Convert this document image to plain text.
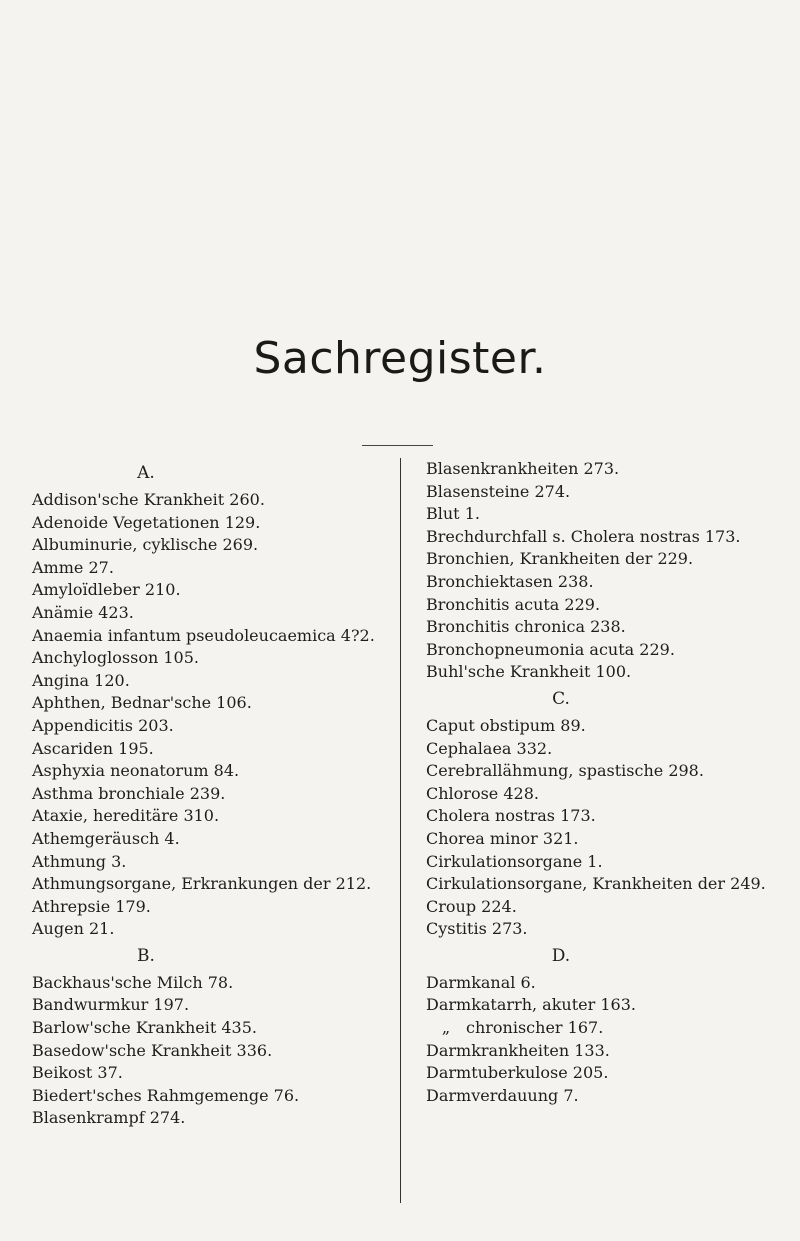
Sachregister.
A.
Addison'sche Krankheit 260.
Adenoide Vegetationen 129.
Albuminurie, cyklische 269.
Amme 27.
Amyloïdleber 210.
Anämie 423.
Anaemia infantum pseudoleucaemica 4?2.
Anchyloglosson 105.
Angina 120.
Aphthen, Bednar'sche 106.
Appendicitis 203.
Ascariden 195.
Asphyxia neonatorum 84.
Asthma bronchiale 239.
Ataxie, hereditäre 310.
Athemgeräusch 4.
Athmung 3.
Athmungsorgane, Erkrankungen der 212.
Athrepsie 179.
Augen 21.
B.
Backhaus'sche Milch 78.
Bandwurmkur 197.
Barlow'sche Krankheit 435.
Basedow'sche Krankheit 336.
Beikost 37.
Biedert'sches Rahmgemenge 76.
Blasenkrampf 274.
Blasenkrankheiten 273.
Blasensteine 274.
Blut 1.
Brechdurchfall s. Cholera nostras 173.
Bronchien, Krankheiten der 229.
Bronchiektasen 238.
Bronchitis acuta 229.
Bronchitis chronica 238.
Bronchopneumonia acuta 229.
Buhl'sche Krankheit 100.
C.
Caput obstipum 89.
Cephalaea 332.
Cerebrallähmung, spastische 298.
Chlorose 428.
Cholera nostras 173.
Chorea minor 321.
Cirkulationsorgane 1.
Cirkulationsorgane, Krankheiten der 249.
Croup 224.
Cystitis 273.
D.
Darmkanal 6.
Darmkatarrh, akuter 163.
„ chronischer 167.
Darmkrankheiten 133.
Darmtuberkulose 205.
Darmverdauung 7.
